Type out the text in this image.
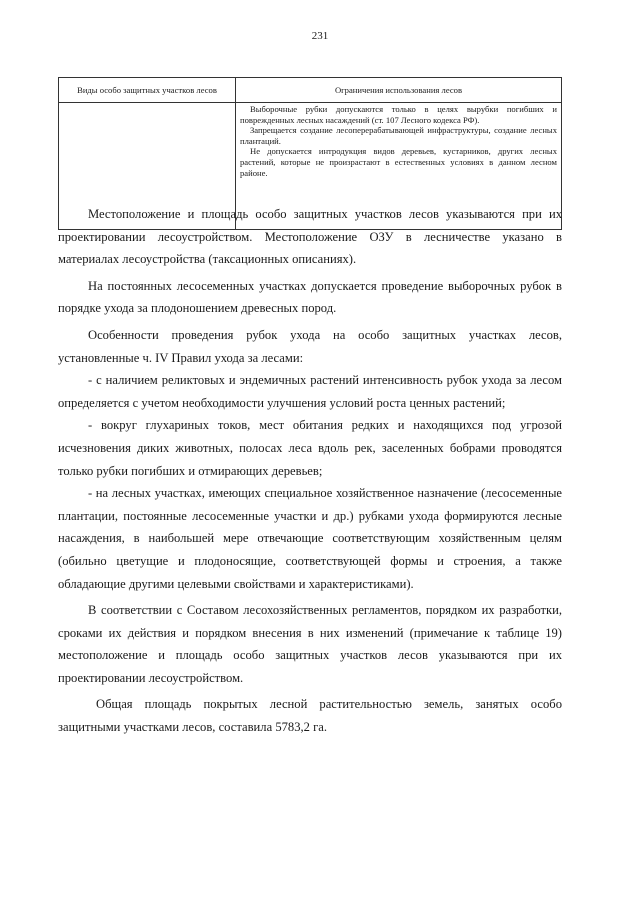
231
Виды особо защитных участков лесов	Ограничения использования лесов

	Выборочные рубки допускаются только в целях вырубки погибших и поврежденных лесных насаждений (ст. 107 Лесного кодекса РФ).

Запрещается создание лесоперерабатывающей инфраструктуры, создание лесных плантаций.

Не допускается интродукция видов деревьев, кустарников, других лесных растений, которые не произрастают в естественных условиях в данном лесном районе.

Местоположение и площадь особо защитных участков лесов указываются при их проектировании лесоустройством. Местоположение ОЗУ в лесничестве указано в материалах лесоустройства (таксационных описаниях).

На постоянных лесосеменных участках допускается проведение выборочных рубок в порядке ухода за плодоношением древесных пород.

Особенности проведения рубок ухода на особо защитных участках лесов, установленные ч. IV Правил ухода за лесами:

- с наличием реликтовых и эндемичных растений интенсивность рубок ухода за лесом определяется с учетом необходимости улучшения условий роста ценных растений;

- вокруг глухариных токов, мест обитания редких и находящихся под угрозой исчезновения диких животных, полосах леса вдоль рек, заселенных бобрами проводятся только рубки погибших и отмирающих деревьев;

- на лесных участках, имеющих специальное хозяйственное назначение (лесосеменные плантации, постоянные лесосеменные участки и др.) рубками ухода формируются лесные насаждения, в наибольшей мере отвечающие соответствующим хозяйственным целям (обильно цветущие и плодоносящие, соответствующей формы и строения, а также обладающие другими целевыми свойствами и характеристиками).

В соответствии с Составом лесохозяйственных регламентов, порядком их разработки, сроками их действия и порядком внесения в них изменений (примечание к таблице 19) местоположение и площадь особо защитных участков лесов указываются при их проектировании лесоустройством.

Общая площадь покрытых лесной растительностью земель, занятых особо защитными участками лесов, составила 5783,2 га.
